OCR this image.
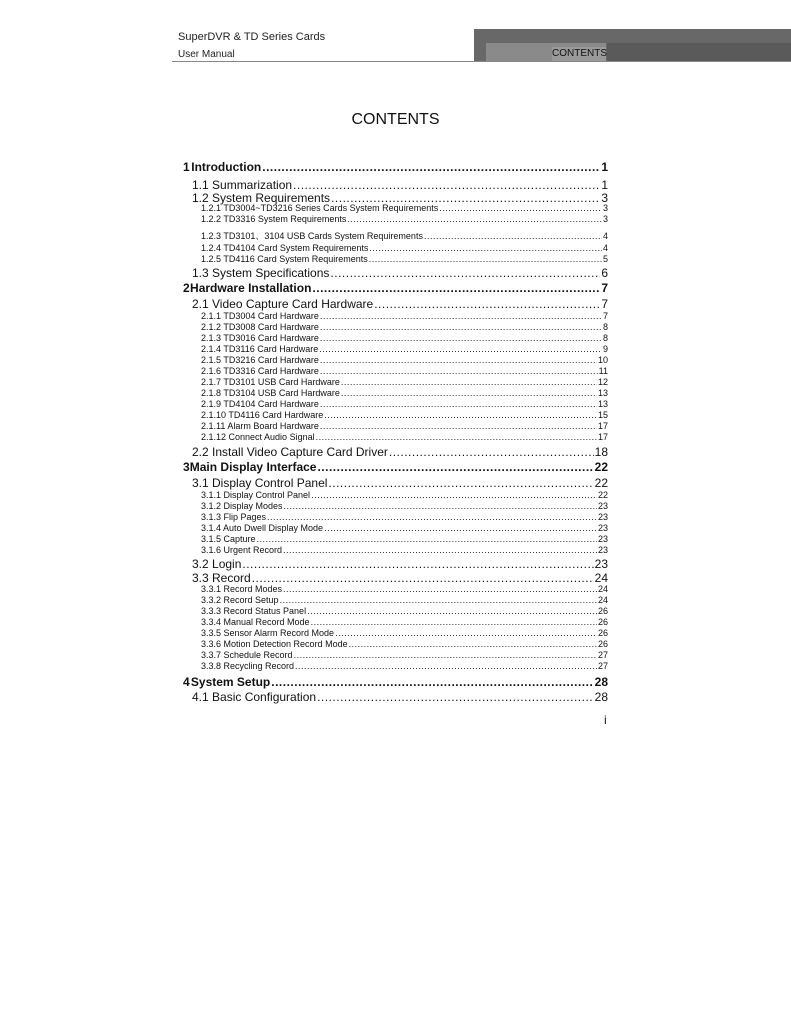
SuperDVR & TD Series Cards
User Manual	CONTENTS
CONTENTS
1 Introduction .....	1
1.1 Summarization .....	1
1.2 System Requirements .....	3
1.2.1 TD3004~TD3216 Series Cards System Requirements .....	3
1.2.2 TD3316 System Requirements .....	3
1.2.3 TD3101、3104 USB Cards System Requirements .....	4
1.2.4 TD4104 Card System Requirements .....	4
1.2.5 TD4116 Card System Requirements .....	5
1.3 System Specifications .....	6
2 Hardware Installation .....	7
2.1 Video Capture Card Hardware .....	7
2.1.1 TD3004 Card Hardware .....	7
2.1.2 TD3008 Card Hardware .....	8
2.1.3 TD3016 Card Hardware .....	8
2.1.4 TD3116 Card Hardware .....	9
2.1.5 TD3216 Card Hardware .....	10
2.1.6 TD3316 Card Hardware .....	11
2.1.7 TD3101 USB Card Hardware .....	12
2.1.8 TD3104 USB Card Hardware .....	13
2.1.9 TD4104 Card Hardware .....	13
2.1.10 TD4116 Card Hardware .....	15
2.1.11 Alarm Board Hardware .....	17
2.1.12 Connect Audio Signal .....	17
2.2 Install Video Capture Card Driver .....	18
3 Main Display Interface .....	22
3.1 Display Control Panel .....	22
3.1.1 Display Control Panel .....	22
3.1.2 Display Modes .....	23
3.1.3 Flip Pages .....	23
3.1.4 Auto Dwell Display Mode .....	23
3.1.5 Capture .....	23
3.1.6 Urgent Record .....	23
3.2 Login .....	23
3.3 Record .....	24
3.3.1 Record Modes .....	24
3.3.2 Record Setup .....	24
3.3.3 Record Status Panel .....	26
3.3.4 Manual Record Mode .....	26
3.3.5 Sensor Alarm Record Mode .....	26
3.3.6 Motion Detection Record Mode .....	26
3.3.7 Schedule Record .....	27
3.3.8 Recycling Record .....	27
4 System Setup .....	28
4.1 Basic Configuration .....	28
i
